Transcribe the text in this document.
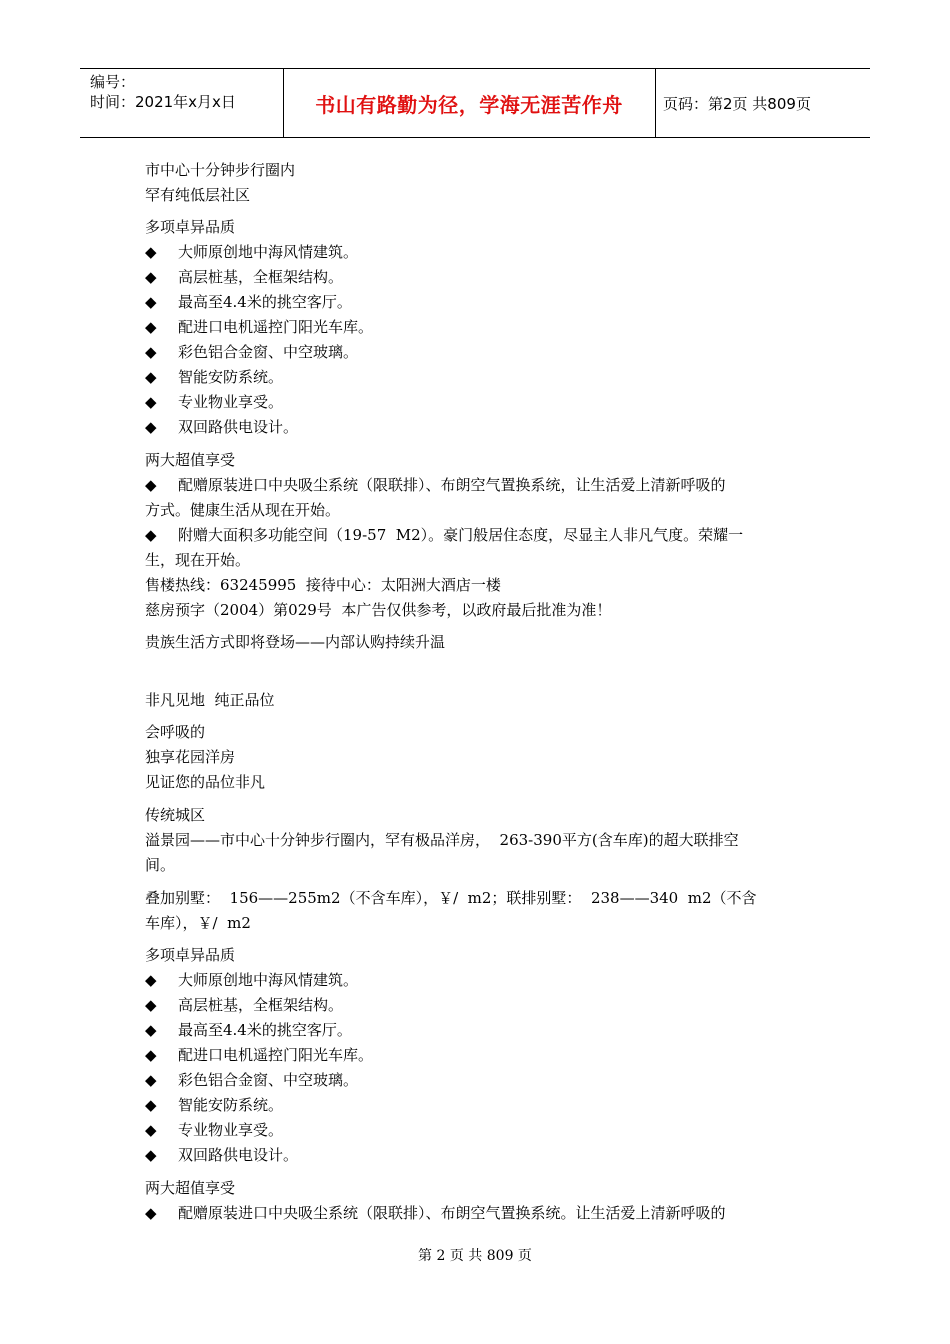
编号：
时间：2021年x月x日	书山有路勤为径，学海无涯苦作舟	页码：第2页 共809页
市中心十分钟步行圈内
罕有纯低层社区
多项卓异品质
◆ 大师原创地中海风情建筑。
◆ 高层桩基，全框架结构。
◆ 最高至4.4米的挑空客厅。
◆ 配进口电机遥控门阳光车库。
◆ 彩色铝合金窗、中空玻璃。
◆ 智能安防系统。
◆ 专业物业享受。
◆ 双回路供电设计。
两大超值享受
◆ 配赠原装进口中央吸尘系统（限联排）、布朗空气置换系统，让生活爱上清新呼吸的
方式。健康生活从现在开始。
◆ 附赠大面积多功能空间（19-57  M2）。豪门般居住态度，尽显主人非凡气度。荣耀一
生，现在开始。
售楼热线：63245995  接待中心：太阳洲大酒店一楼
慈房预字（2004）第029号  本广告仅供参考，以政府最后批准为准！
贵族生活方式即将登场——内部认购持续升温
非凡见地  纯正品位
会呼吸的
独享花园洋房
见证您的品位非凡
传统城区
溢景园——市中心十分钟步行圈内，罕有极品洋房，  263-390平方(含车库)的超大联排空
间。
叠加别墅：  156——255m2（不含车库），￥/  m2；联排别墅：  238——340  m2（不含
车库），￥/  m2
多项卓异品质
◆ 大师原创地中海风情建筑。
◆ 高层桩基，全框架结构。
◆ 最高至4.4米的挑空客厅。
◆ 配进口电机遥控门阳光车库。
◆ 彩色铝合金窗、中空玻璃。
◆ 智能安防系统。
◆ 专业物业享受。
◆ 双回路供电设计。
两大超值享受
◆ 配赠原装进口中央吸尘系统（限联排）、布朗空气置换系统。让生活爱上清新呼吸的
第 2 页 共 809 页
